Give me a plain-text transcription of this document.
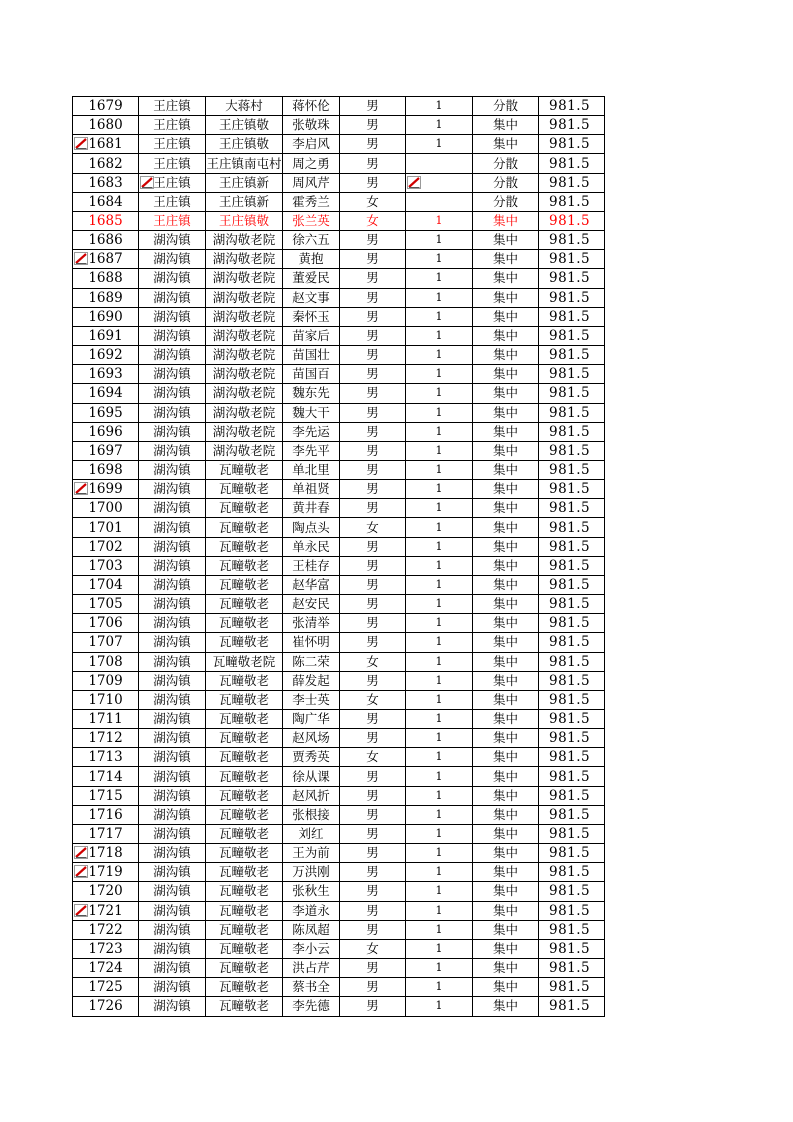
1679	王庄镇	大蒋村	蒋怀伦	男	1	分散	981.5
1680	王庄镇	王庄镇敬	张敬珠	男	1	集中	981.5
1681	王庄镇	王庄镇敬	李启风	男	1	集中	981.5
1682	王庄镇	王庄镇南屯村	周之勇	男		分散	981.5
1683	王庄镇	王庄镇新	周风芹	男		分散	981.5
1684	王庄镇	王庄镇新	霍秀兰	女		分散	981.5
1685	王庄镇	王庄镇敬	张兰英	女	1	集中	981.5
1686	湖沟镇	湖沟敬老院	徐六五	男	1	集中	981.5
1687	湖沟镇	湖沟敬老院	黄抱	男	1	集中	981.5
1688	湖沟镇	湖沟敬老院	董爱民	男	1	集中	981.5
1689	湖沟镇	湖沟敬老院	赵文事	男	1	集中	981.5
1690	湖沟镇	湖沟敬老院	秦怀玉	男	1	集中	981.5
1691	湖沟镇	湖沟敬老院	苗家后	男	1	集中	981.5
1692	湖沟镇	湖沟敬老院	苗国壮	男	1	集中	981.5
1693	湖沟镇	湖沟敬老院	苗国百	男	1	集中	981.5
1694	湖沟镇	湖沟敬老院	魏东先	男	1	集中	981.5
1695	湖沟镇	湖沟敬老院	魏大干	男	1	集中	981.5
1696	湖沟镇	湖沟敬老院	李先运	男	1	集中	981.5
1697	湖沟镇	湖沟敬老院	李先平	男	1	集中	981.5
1698	湖沟镇	瓦疃敬老	单北里	男	1	集中	981.5
1699	湖沟镇	瓦疃敬老	单祖贤	男	1	集中	981.5
1700	湖沟镇	瓦疃敬老	黄井春	男	1	集中	981.5
1701	湖沟镇	瓦疃敬老	陶点头	女	1	集中	981.5
1702	湖沟镇	瓦疃敬老	单永民	男	1	集中	981.5
1703	湖沟镇	瓦疃敬老	王桂存	男	1	集中	981.5
1704	湖沟镇	瓦疃敬老	赵华富	男	1	集中	981.5
1705	湖沟镇	瓦疃敬老	赵安民	男	1	集中	981.5
1706	湖沟镇	瓦疃敬老	张清举	男	1	集中	981.5
1707	湖沟镇	瓦疃敬老	崔怀明	男	1	集中	981.5
1708	湖沟镇	瓦疃敬老院	陈二荣	女	1	集中	981.5
1709	湖沟镇	瓦疃敬老	薛发起	男	1	集中	981.5
1710	湖沟镇	瓦疃敬老	李士英	女	1	集中	981.5
1711	湖沟镇	瓦疃敬老	陶广华	男	1	集中	981.5
1712	湖沟镇	瓦疃敬老	赵风场	男	1	集中	981.5
1713	湖沟镇	瓦疃敬老	贾秀英	女	1	集中	981.5
1714	湖沟镇	瓦疃敬老	徐从课	男	1	集中	981.5
1715	湖沟镇	瓦疃敬老	赵风折	男	1	集中	981.5
1716	湖沟镇	瓦疃敬老	张根接	男	1	集中	981.5
1717	湖沟镇	瓦疃敬老	刘红	男	1	集中	981.5
1718	湖沟镇	瓦疃敬老	王为前	男	1	集中	981.5
1719	湖沟镇	瓦疃敬老	万洪刚	男	1	集中	981.5
1720	湖沟镇	瓦疃敬老	张秋生	男	1	集中	981.5
1721	湖沟镇	瓦疃敬老	李道永	男	1	集中	981.5
1722	湖沟镇	瓦疃敬老	陈凤超	男	1	集中	981.5
1723	湖沟镇	瓦疃敬老	李小云	女	1	集中	981.5
1724	湖沟镇	瓦疃敬老	洪占芹	男	1	集中	981.5
1725	湖沟镇	瓦疃敬老	蔡书全	男	1	集中	981.5
1726	湖沟镇	瓦疃敬老	李先德	男	1	集中	981.5
